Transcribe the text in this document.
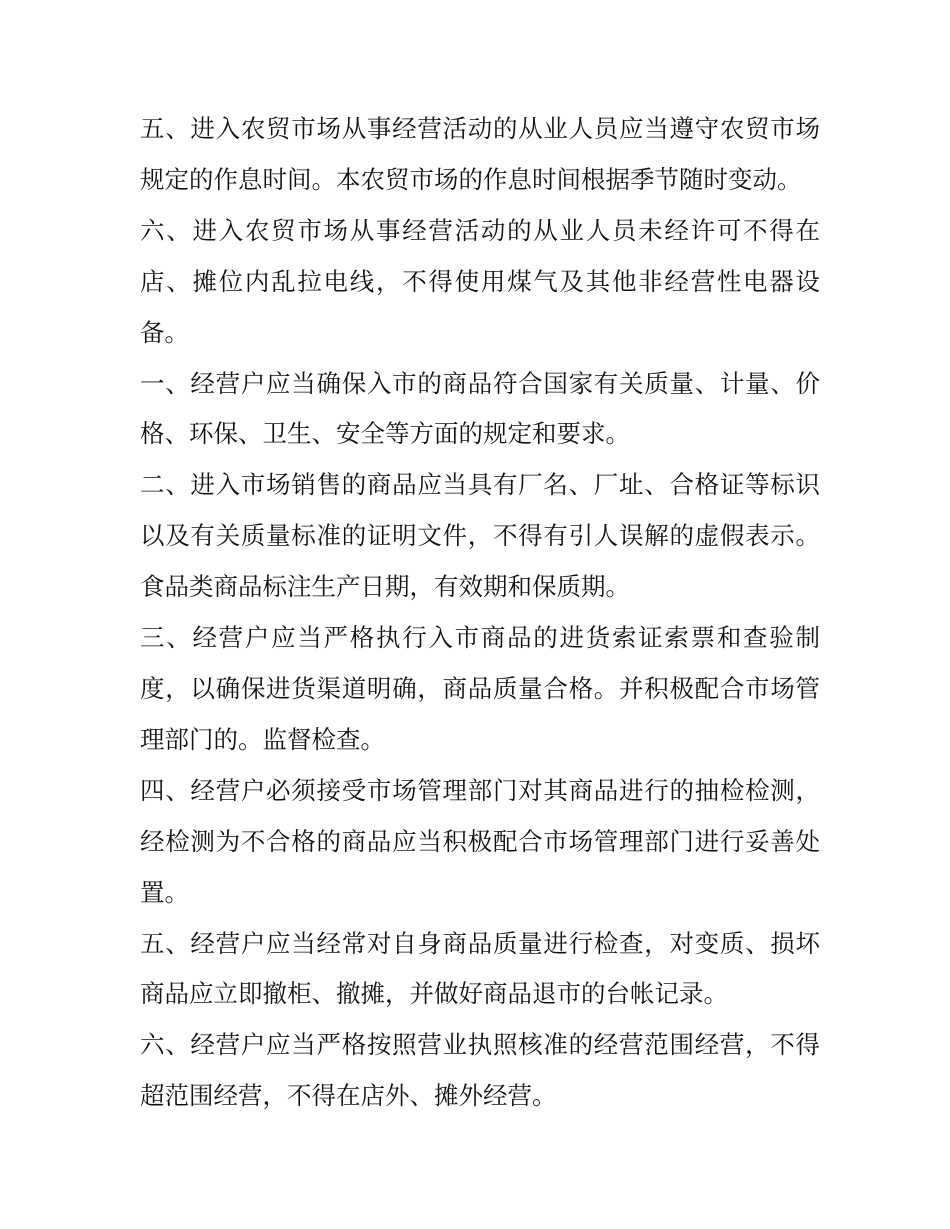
五、进入农贸市场从事经营活动的从业人员应当遵守农贸市场规定的作息时间。本农贸市场的作息时间根据季节随时变动。

六、进入农贸市场从事经营活动的从业人员未经许可不得在店、摊位内乱拉电线，不得使用煤气及其他非经营性电器设备。

一、经营户应当确保入市的商品符合国家有关质量、计量、价格、环保、卫生、安全等方面的规定和要求。

二、进入市场销售的商品应当具有厂名、厂址、合格证等标识以及有关质量标准的证明文件，不得有引人误解的虚假表示。食品类商品标注生产日期，有效期和保质期。

三、经营户应当严格执行入市商品的进货索证索票和查验制度，以确保进货渠道明确，商品质量合格。并积极配合市场管理部门的。监督检查。

四、经营户必须接受市场管理部门对其商品进行的抽检检测，经检测为不合格的商品应当积极配合市场管理部门进行妥善处置。

五、经营户应当经常对自身商品质量进行检查，对变质、损坏商品应立即撤柜、撤摊，并做好商品退市的台帐记录。

六、经营户应当严格按照营业执照核准的经营范围经营，不得超范围经营，不得在店外、摊外经营。
